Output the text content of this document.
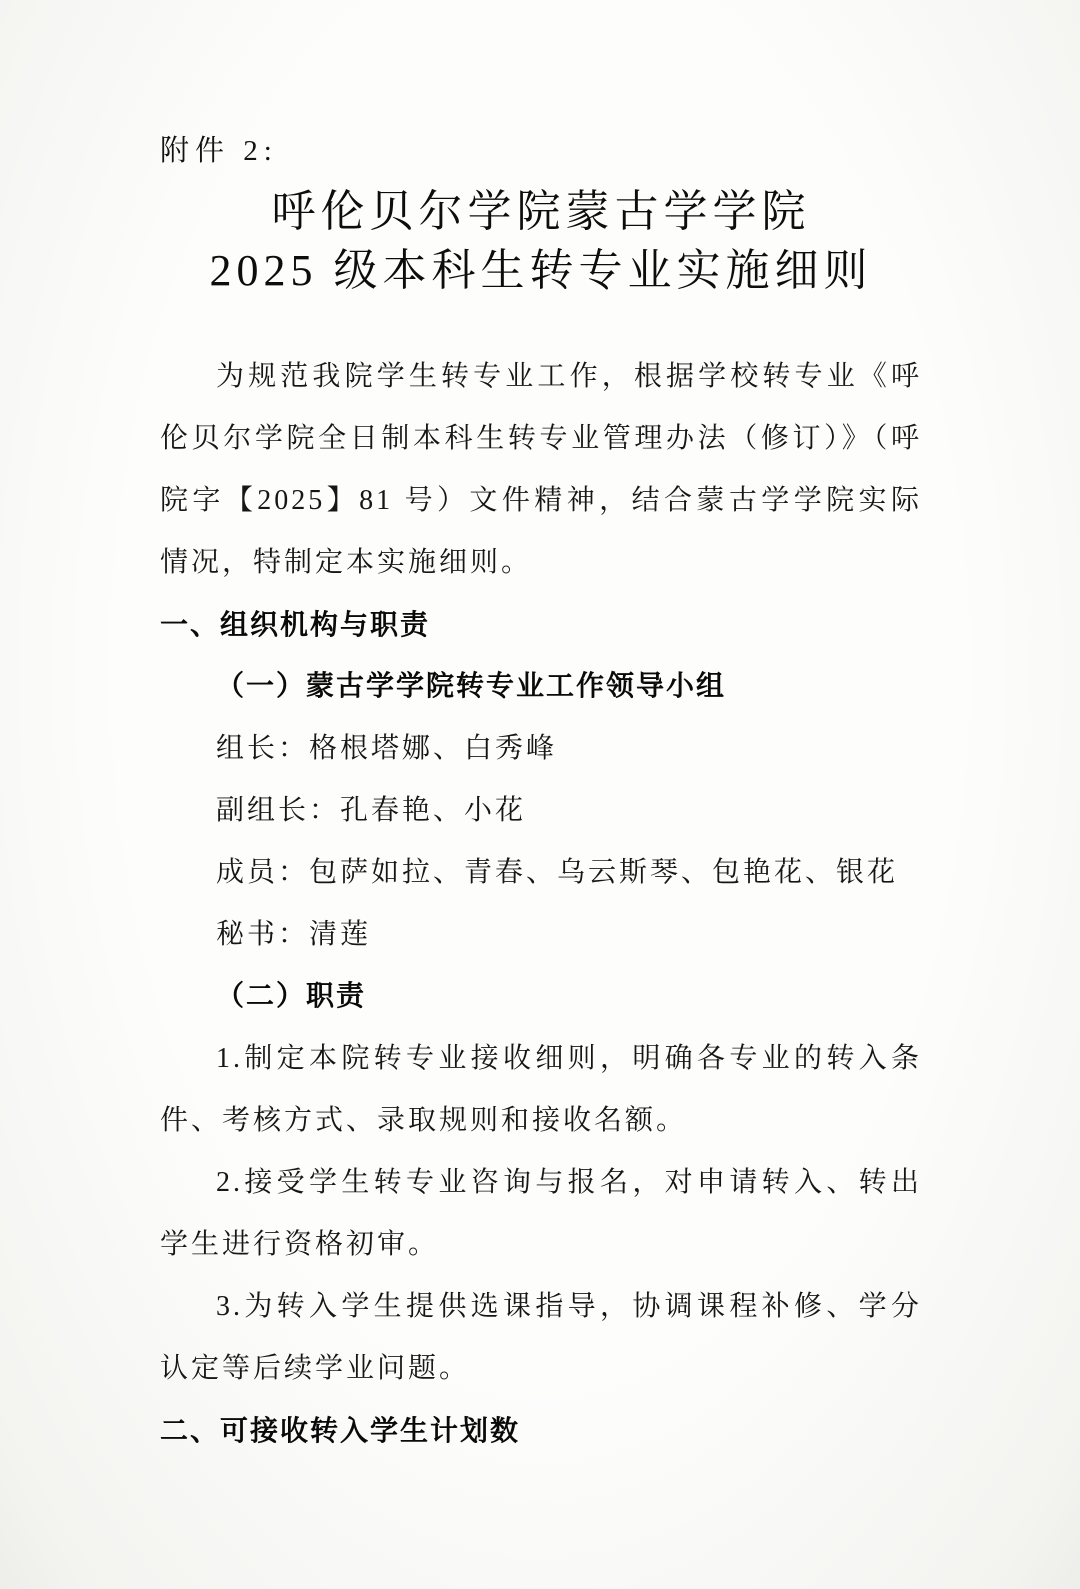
附件 2:
呼伦贝尔学院蒙古学学院
2025 级本科生转专业实施细则

为规范我院学生转专业工作，根据学校转专业《呼伦贝尔学院全日制本科生转专业管理办法（修订）》（呼院字【2025】81 号）文件精神，结合蒙古学学院实际情况，特制定本实施细则。

一、组织机构与职责
（一）蒙古学学院转专业工作领导小组

组长：格根塔娜、白秀峰

副组长：孔春艳、小花

成员：包萨如拉、青春、乌云斯琴、包艳花、银花

秘书：清莲

（二）职责

1.制定本院转专业接收细则，明确各专业的转入条件、考核方式、录取规则和接收名额。

2.接受学生转专业咨询与报名，对申请转入、转出学生进行资格初审。

3.为转入学生提供选课指导，协调课程补修、学分认定等后续学业问题。

二、可接收转入学生计划数
